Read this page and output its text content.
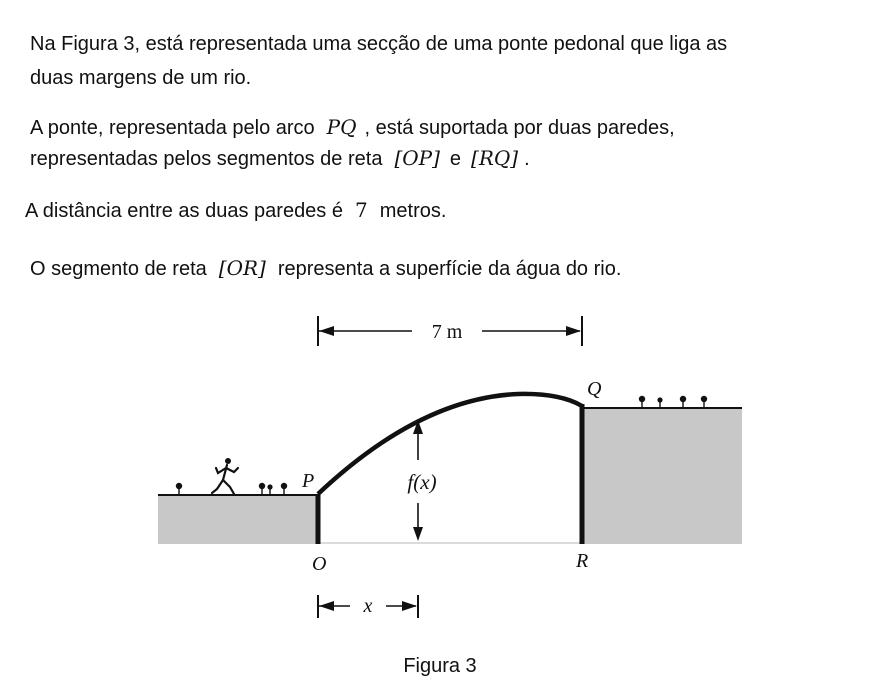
Na Figura 3, está representada uma secção de uma ponte pedonal que liga as
duas margens de um rio.
A ponte, representada pelo arco PQ , está suportada por duas paredes,
representadas pelos segmentos de reta [OP] e [RQ] .
A distância entre as duas paredes é 7 metros.
O segmento de reta [OR] representa a superfície da água do rio.
7 m
f(x)
P
Q
O	R
x
Figura 3
